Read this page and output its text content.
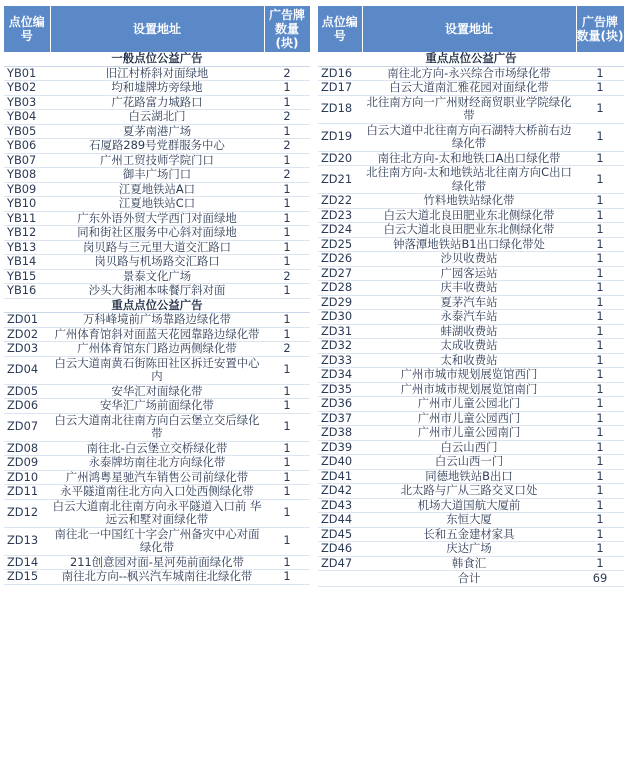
点位编号	设置地址	广告牌数量(块)
一般点位公益广告		
YB01	旧江村桥斜对面绿地	2
YB02	均和墟牌坊旁绿地	1
YB03	广花路富力城路口	1
YB04	白云湖北门	2
YB05	夏茅南港广场	1
YB06	石厦路289号党群服务中心	2
YB07	广州工贸技师学院门口	1
YB08	御丰广场门口	2
YB09	江夏地铁站A口	1
YB10	江夏地铁站C口	1
YB11	广东外语外贸大学西门对面绿地	1
YB12	同和街社区服务中心斜对面绿地	1
YB13	岗贝路与三元里大道交汇路口	1
YB14	岗贝路与机场路交汇路口	1
YB15	景泰文化广场	2
YB16	沙头大街湘本味餐厅斜对面	1
重点点位公益广告		
ZD01	万科峰境前广场靠路边绿化带	1
ZD02	广州体育馆斜对面蓝天花园靠路边绿化带	1
ZD03	广州体育馆东门路边两侧绿化带	2
ZD04	白云大道南黄石街陈田社区拆迁安置中心内	1
ZD05	安华汇对面绿化带	1
ZD06	安华汇广场前面绿化带	1
ZD07	白云大道南北往南方向白云堡立交后绿化带	1
ZD08	南往北-白云堡立交桥绿化带	1
ZD09	永泰牌坊南往北方向绿化带	1
ZD10	广州鸿粤星驰汽车销售公司前绿化带	1
ZD11	永平隧道南往北方向入口处西侧绿化带	1
ZD12	白云大道南北往南方向永平隧道入口前 华远云和墅对面绿化带	1
ZD13	南往北一中国红十字会广州备灾中心对面绿化带	1
ZD14	211创意园对面-星河苑前面绿化带	1
ZD15	南往北方向--枫兴汽车城南往北绿化带	1
点位编号	设置地址	广告牌数量(块)
重点点位公益广告		
ZD16	南往北方向-永兴综合市场绿化带	1
ZD17	白云大道南汇雅花园对面绿化带	1
ZD18	北往南方向一广州财经商贸职业学院绿化带	1
ZD19	白云大道中北往南方向石湖特大桥前右边绿化带	1
ZD20	南往北方向-太和地铁口A出口绿化带	1
ZD21	北往南方向-太和地铁站北往南方向C出口绿化带	1
ZD22	竹料地铁站绿化带	1
ZD23	白云大道北良田肥业东北侧绿化带	1
ZD24	白云大道北良田肥业东北侧绿化带	1
ZD25	钟落潭地铁站B1出口绿化带处	1
ZD26	沙贝收费站	1
ZD27	广园客运站	1
ZD28	庆丰收费站	1
ZD29	夏茅汽车站	1
ZD30	永泰汽车站	1
ZD31	蚌湖收费站	1
ZD32	太成收费站	1
ZD33	太和收费站	1
ZD34	广州市城市规划展览馆西门	1
ZD35	广州市城市规划展览馆南门	1
ZD36	广州市儿童公园北门	1
ZD37	广州市儿童公园西门	1
ZD38	广州市儿童公园南门	1
ZD39	白云山西门	1
ZD40	白云山西一门	1
ZD41	同德地铁站B出口	1
ZD42	北太路与广从三路交叉口处	1
ZD43	机场大道国航大厦前	1
ZD44	东恒大厦	1
ZD45	长和五金建材家具	1
ZD46	庆达广场	1
ZD47	韩食汇	1
	合计	69
